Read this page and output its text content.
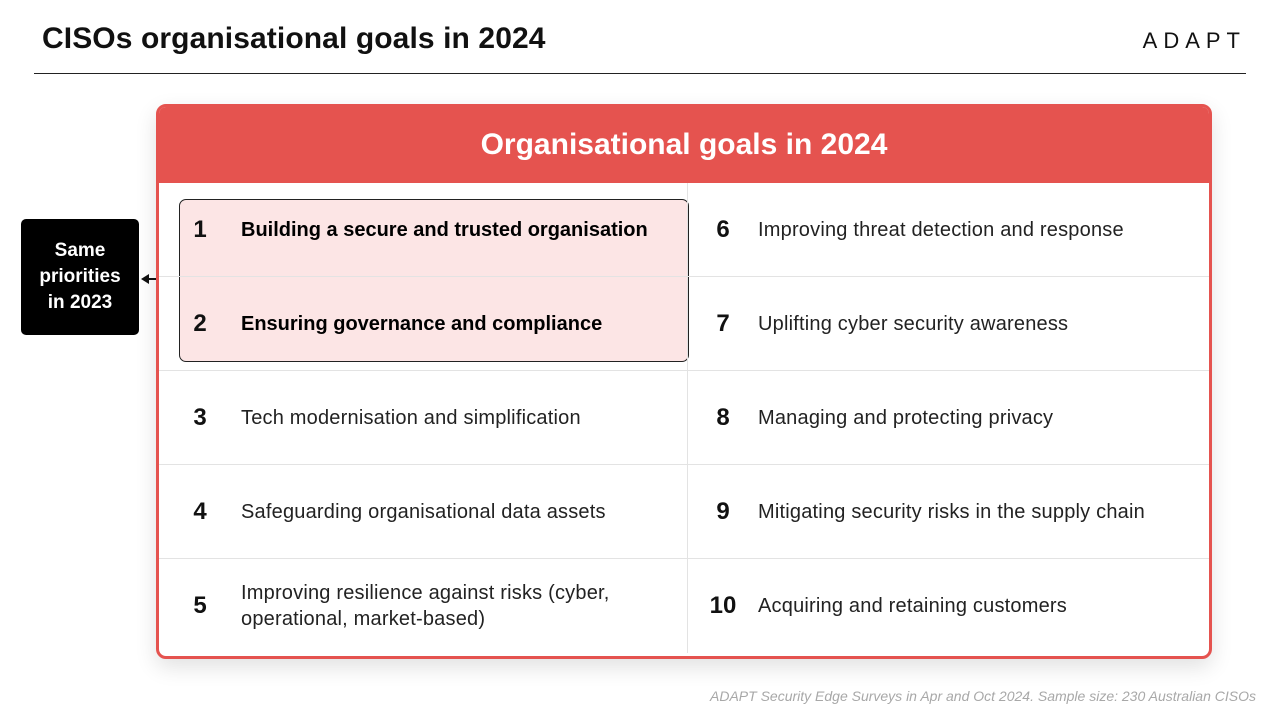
CISOs organisational goals in 2024	ADAPT
Same
priorities
in 2023
Organisational goals in 2024
1	Building a secure and trusted organisation	6	Improving threat detection and response
2	Ensuring governance and compliance	7	Uplifting cyber security awareness
3	Tech modernisation and simplification	8	Managing and protecting privacy
4	Safeguarding organisational data assets	9	Mitigating security risks in the supply chain
5	Improving resilience against risks (cyber, operational, market-based)	10	Acquiring and retaining customers
ADAPT Security Edge Surveys in Apr and Oct 2024. Sample size: 230 Australian CISOs
